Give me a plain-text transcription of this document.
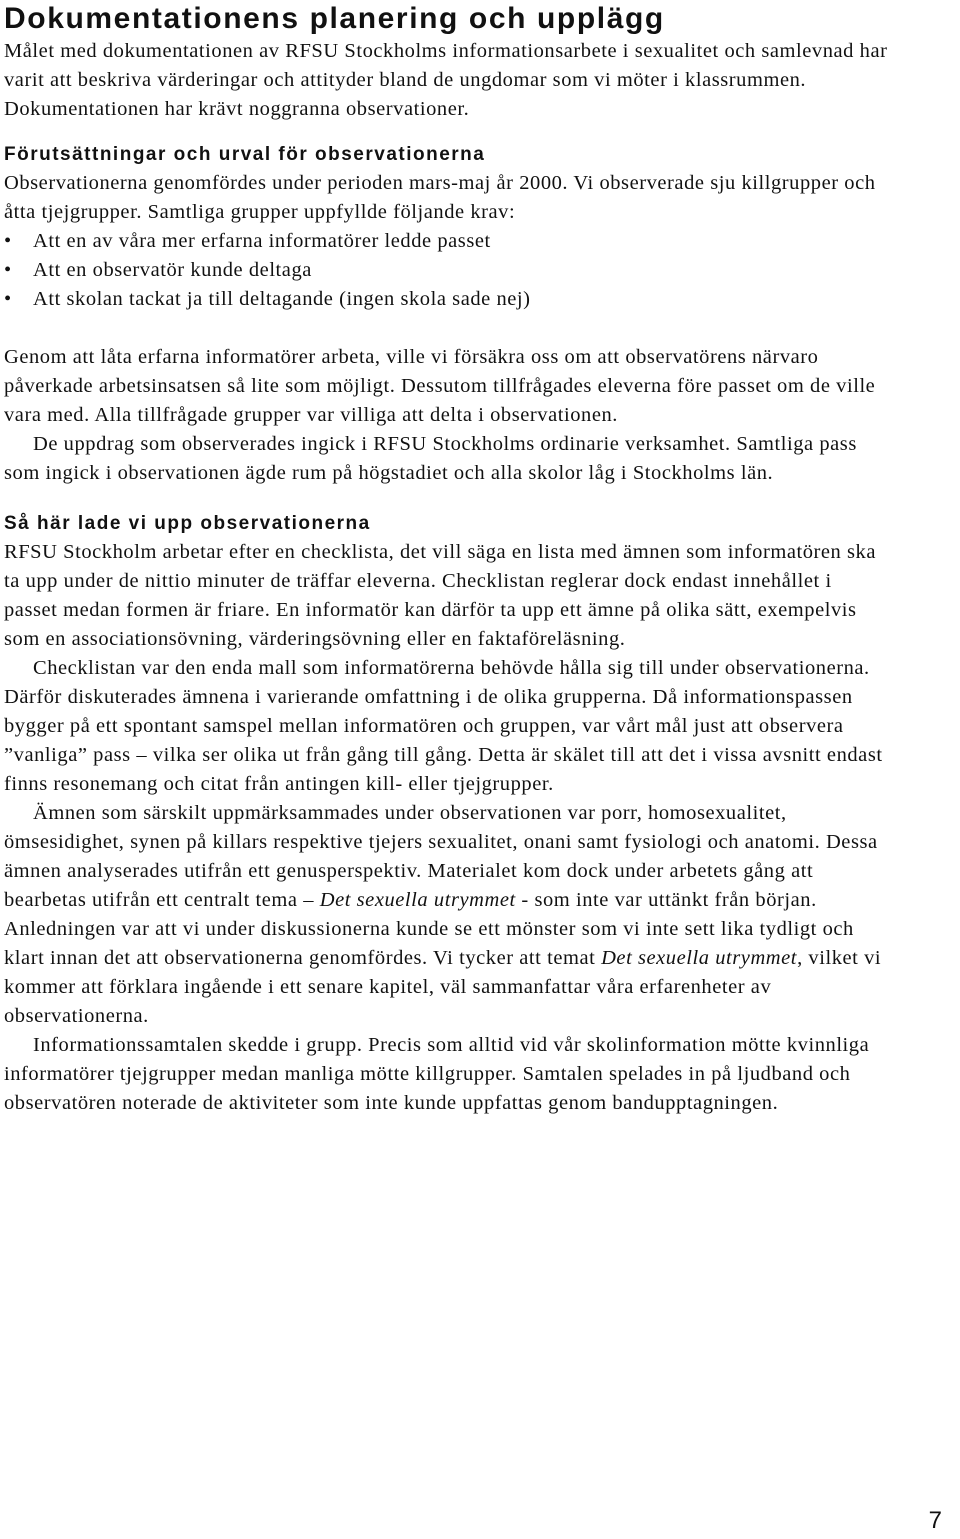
Dokumentationens planering och upplägg

Målet med dokumentationen av RFSU Stockholms informationsarbete i sexualitet och samlevnad har varit att beskriva värderingar och attityder bland de ungdomar som vi möter i klassrummen. Dokumentationen har krävt noggranna observationer.

Förutsättningar och urval för observationerna

Observationerna genomfördes under perioden mars-maj år 2000. Vi observerade sju killgrupper och åtta tjejgrupper. Samtliga grupper uppfyllde följande krav:

• Att en av våra mer erfarna informatörer ledde passet
• Att en observatör kunde deltaga
• Att skolan tackat ja till deltagande (ingen skola sade nej)

Genom att låta erfarna informatörer arbeta, ville vi försäkra oss om att observatörens närvaro påverkade arbetsinsatsen så lite som möjligt. Dessutom tillfrågades eleverna före passet om de ville vara med. Alla tillfrågade grupper var villiga att delta i observationen.

De uppdrag som observerades ingick i RFSU Stockholms ordinarie verksamhet. Samtliga pass som ingick i observationen ägde rum på högstadiet och alla skolor låg i Stockholms län.

Så här lade vi upp observationerna

RFSU Stockholm arbetar efter en checklista, det vill säga en lista med ämnen som informatören ska ta upp under de nittio minuter de träffar eleverna. Checklistan reglerar dock endast innehållet i passet medan formen är friare. En informatör kan därför ta upp ett ämne på olika sätt, exempelvis som en associationsövning, värderingsövning eller en faktaföreläsning.

Checklistan var den enda mall som informatörerna behövde hålla sig till under observationerna. Därför diskuterades ämnena i varierande omfattning i de olika grupperna. Då informationspassen bygger på ett spontant samspel mellan informatören och gruppen, var vårt mål just att observera ”vanliga” pass – vilka ser olika ut från gång till gång. Detta är skälet till att det i vissa avsnitt endast finns resonemang och citat från antingen kill- eller tjejgrupper.

Ämnen som särskilt uppmärksammades under observationen var porr, homosexualitet, ömsesidighet, synen på killars respektive tjejers sexualitet, onani samt fysiologi och anatomi. Dessa ämnen analyserades utifrån ett genusperspektiv. Materialet kom dock under arbetets gång att bearbetas utifrån ett centralt tema – Det sexuella utrymmet - som inte var uttänkt från början. Anledningen var att vi under diskussionerna kunde se ett mönster som vi inte sett lika tydligt och klart innan det att observationerna genomfördes. Vi tycker att temat Det sexuella utrymmet, vilket vi kommer att förklara ingående i ett senare kapitel, väl sammanfattar våra erfarenheter av observationerna.

Informationssamtalen skedde i grupp. Precis som alltid vid vår skolinformation mötte kvinnliga informatörer tjejgrupper medan manliga mötte killgrupper. Samtalen spelades in på ljudband och observatören noterade de aktiviteter som inte kunde uppfattas genom bandupptagningen.

7
